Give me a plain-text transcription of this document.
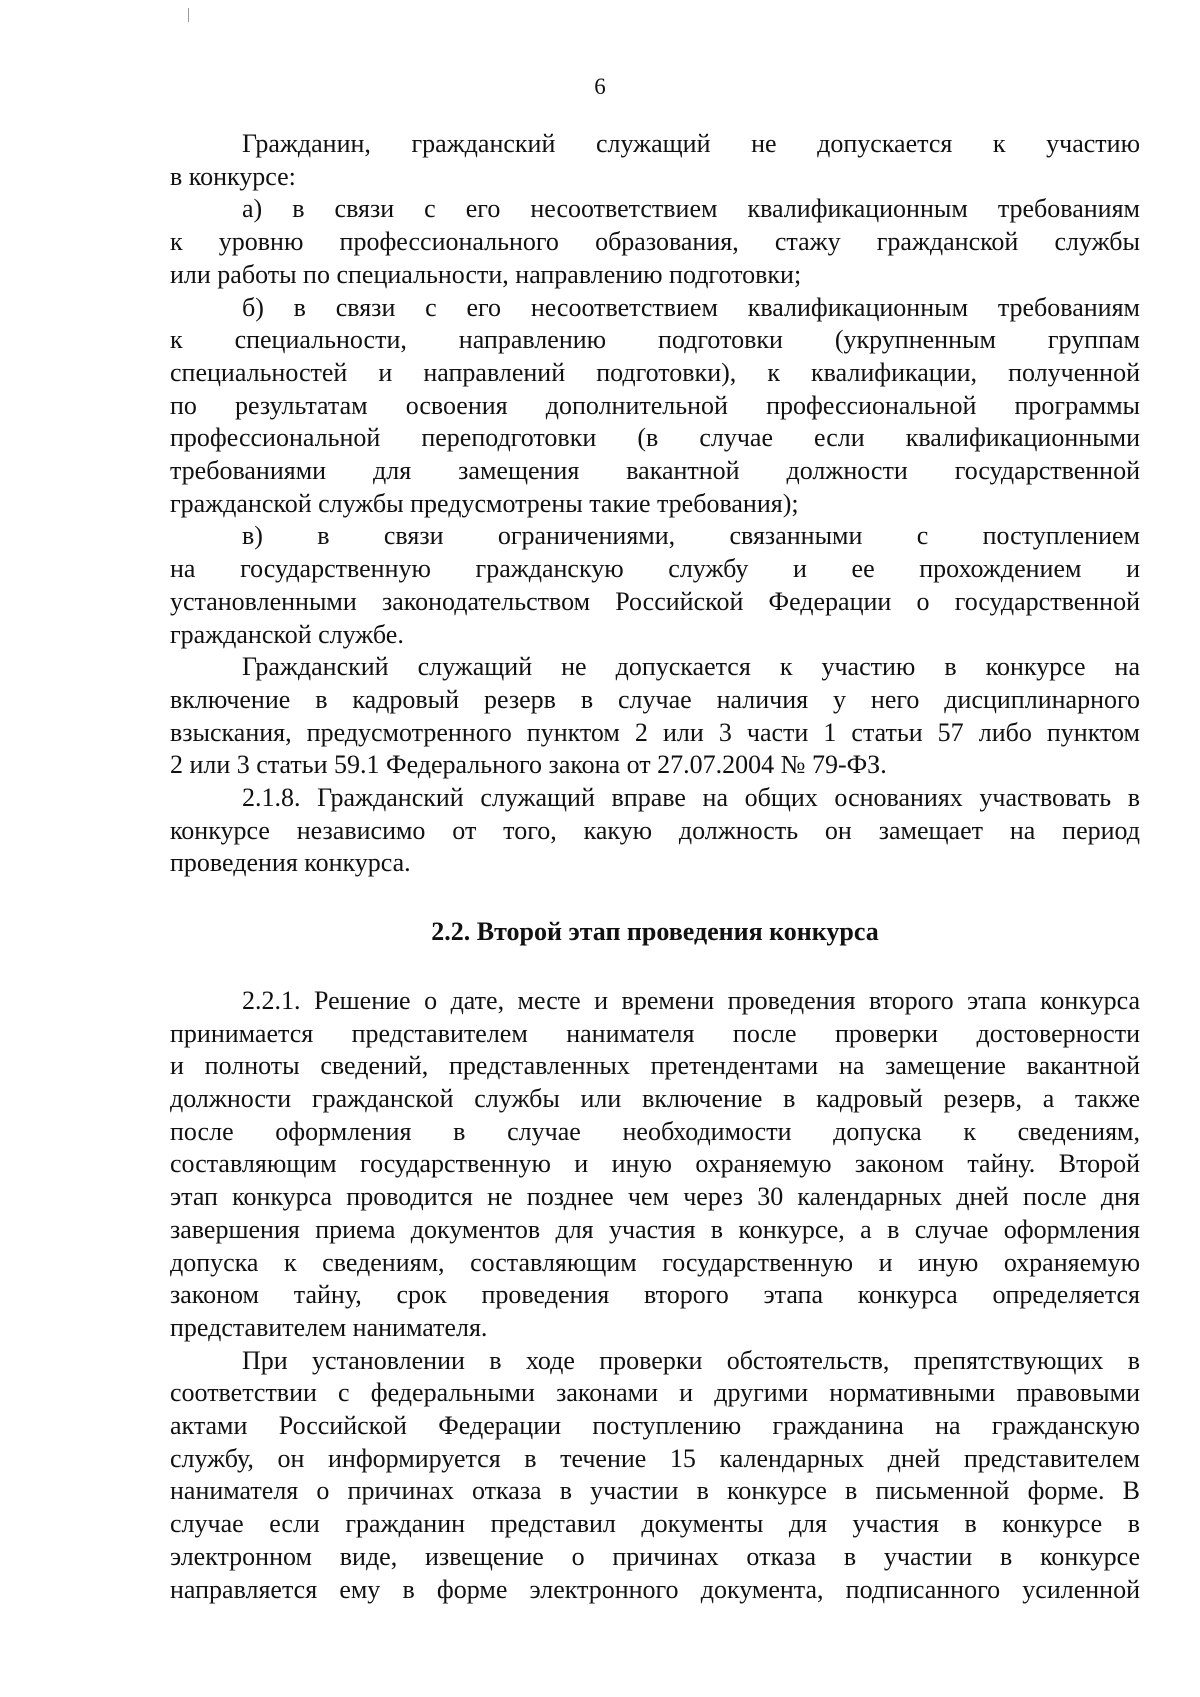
6
Гражданин, гражданский служащий не допускается к участию
в конкурсе:
а) в связи с его несоответствием квалификационным требованиям
к уровню профессионального образования, стажу гражданской службы
или работы по специальности, направлению подготовки;
б) в связи с его несоответствием квалификационным требованиям
к специальности, направлению подготовки (укрупненным группам
специальностей и направлений подготовки), к квалификации, полученной
по результатам освоения дополнительной профессиональной программы
профессиональной переподготовки (в случае если квалификационными
требованиями для замещения вакантной должности государственной
гражданской службы предусмотрены такие требования);
в) в связи ограничениями, связанными с поступлением
на государственную гражданскую службу и ее прохождением и
установленными законодательством Российской Федерации о государственной
гражданской службе.
Гражданский служащий не допускается к участию в конкурсе на
включение в кадровый резерв в случае наличия у него дисциплинарного
взыскания, предусмотренного пунктом 2 или 3 части 1 статьи 57 либо пунктом
2 или 3 статьи 59.1 Федерального закона от 27.07.2004 № 79-ФЗ.
2.1.8. Гражданский служащий вправе на общих основаниях участвовать в
конкурсе независимо от того, какую должность он замещает на период
проведения конкурса.
2.2. Второй этап проведения конкурса
2.2.1. Решение о дате, месте и времени проведения второго этапа конкурса
принимается представителем нанимателя после проверки достоверности
и полноты сведений, представленных претендентами на замещение вакантной
должности гражданской службы или включение в кадровый резерв, а также
после оформления в случае необходимости допуска к сведениям,
составляющим государственную и иную охраняемую законом тайну. Второй
этап конкурса проводится не позднее чем через 30 календарных дней после дня
завершения приема документов для участия в конкурсе, а в случае оформления
допуска к сведениям, составляющим государственную и иную охраняемую
законом тайну, срок проведения второго этапа конкурса определяется
представителем нанимателя.
При установлении в ходе проверки обстоятельств, препятствующих в
соответствии с федеральными законами и другими нормативными правовыми
актами Российской Федерации поступлению гражданина на гражданскую
службу, он информируется в течение 15 календарных дней представителем
нанимателя о причинах отказа в участии в конкурсе в письменной форме. В
случае если гражданин представил документы для участия в конкурсе в
электронном виде, извещение о причинах отказа в участии в конкурсе
направляется ему в форме электронного документа, подписанного усиленной
